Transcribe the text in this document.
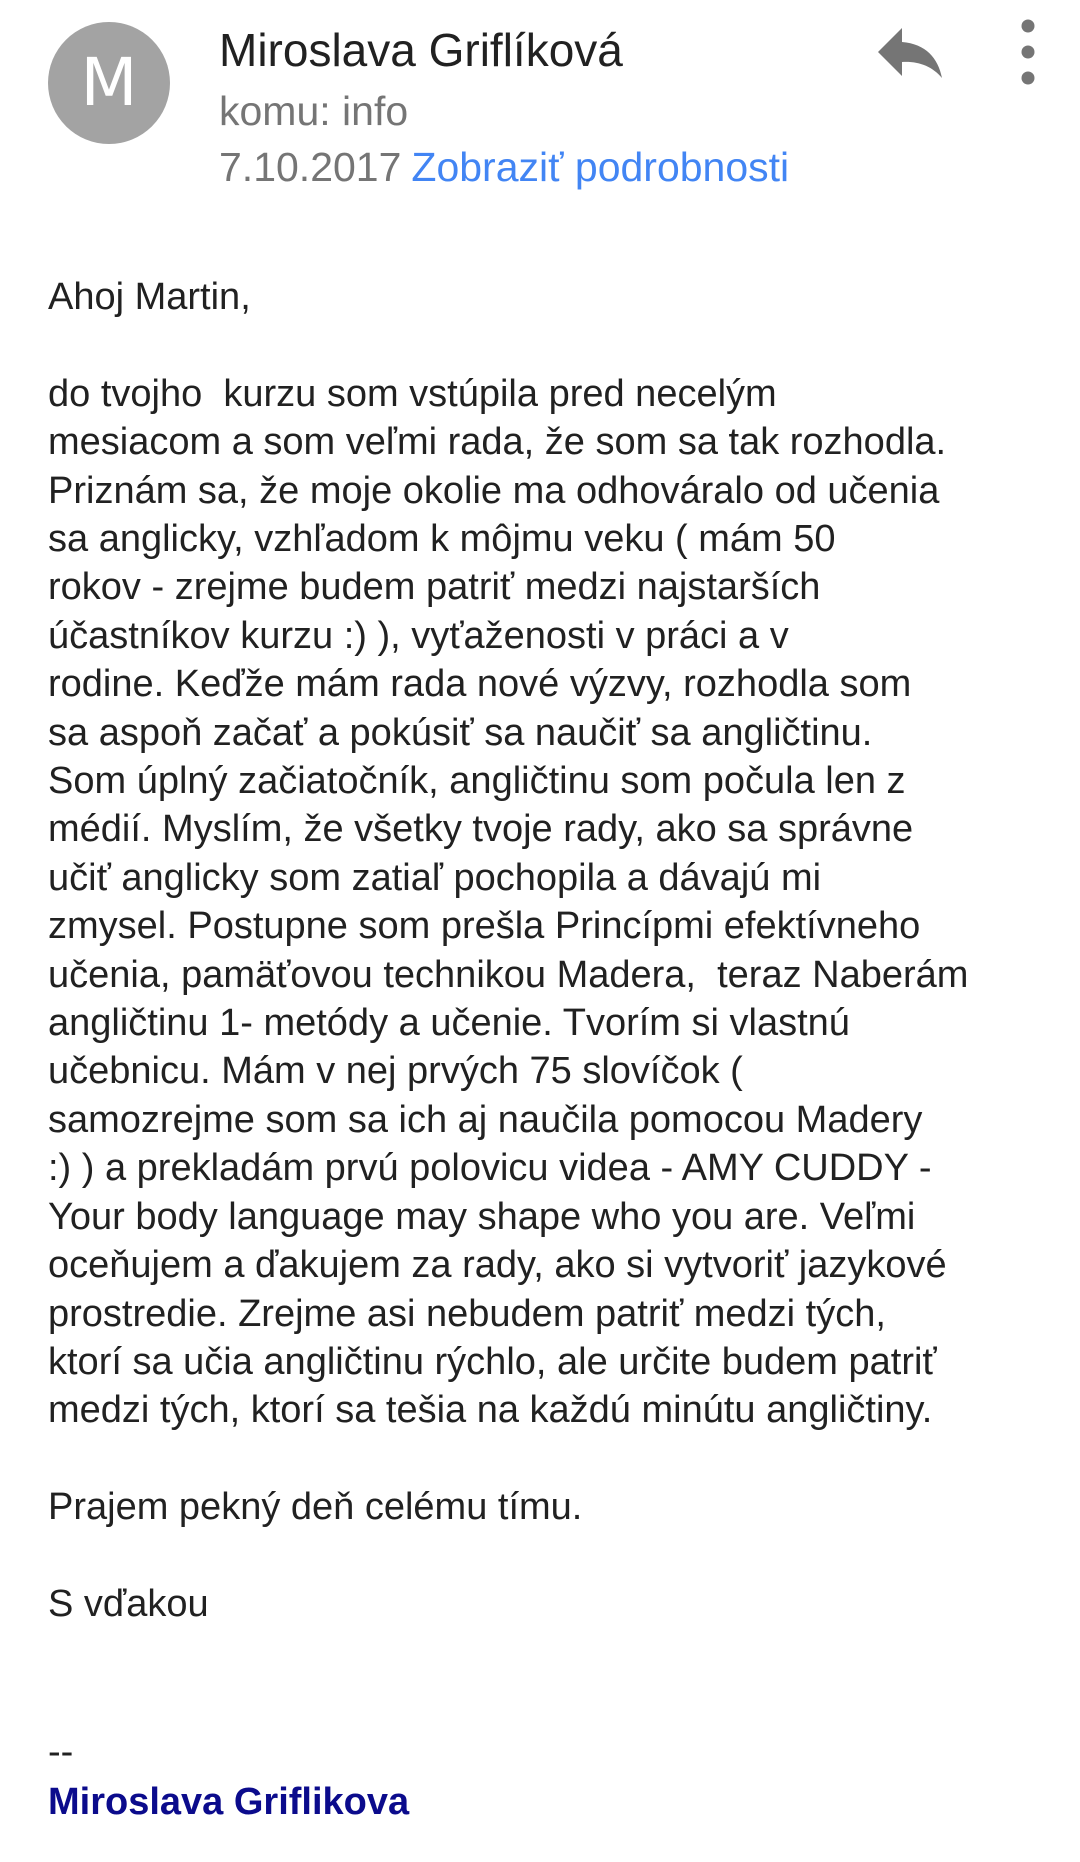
M	Miroslava Griflíková
komu: info
7.10.2017 Zobraziť podrobnosti

Ahoj Martin,

do tvojho  kurzu som vstúpila pred necelým
mesiacom a som veľmi rada, že som sa tak rozhodla.
Priznám sa, že moje okolie ma odhováralo od učenia
sa anglicky, vzhľadom k môjmu veku ( mám 50
rokov - zrejme budem patriť medzi najstarších
účastníkov kurzu :) ), vyťaženosti v práci a v
rodine. Keďže mám rada nové výzvy, rozhodla som
sa aspoň začať a pokúsiť sa naučiť sa angličtinu.
Som úplný začiatočník, angličtinu som počula len z
médií. Myslím, že všetky tvoje rady, ako sa správne
učiť anglicky som zatiaľ pochopila a dávajú mi
zmysel. Postupne som prešla Princípmi efektívneho
učenia, pamäťovou technikou Madera,  teraz Naberám
angličtinu 1- metódy a učenie. Tvorím si vlastnú
učebnicu. Mám v nej prvých 75 slovíčok (
samozrejme som sa ich aj naučila pomocou Madery
:) ) a prekladám prvú polovicu videa - AMY CUDDY -
Your body language may shape who you are. Veľmi
oceňujem a ďakujem za rady, ako si vytvoriť jazykové
prostredie. Zrejme asi nebudem patriť medzi tých,
ktorí sa učia angličtinu rýchlo, ale určite budem patriť
medzi tých, ktorí sa tešia na každú minútu angličtiny.

Prajem pekný deň celému tímu.

S vďakou

--
Miroslava Griflikova
